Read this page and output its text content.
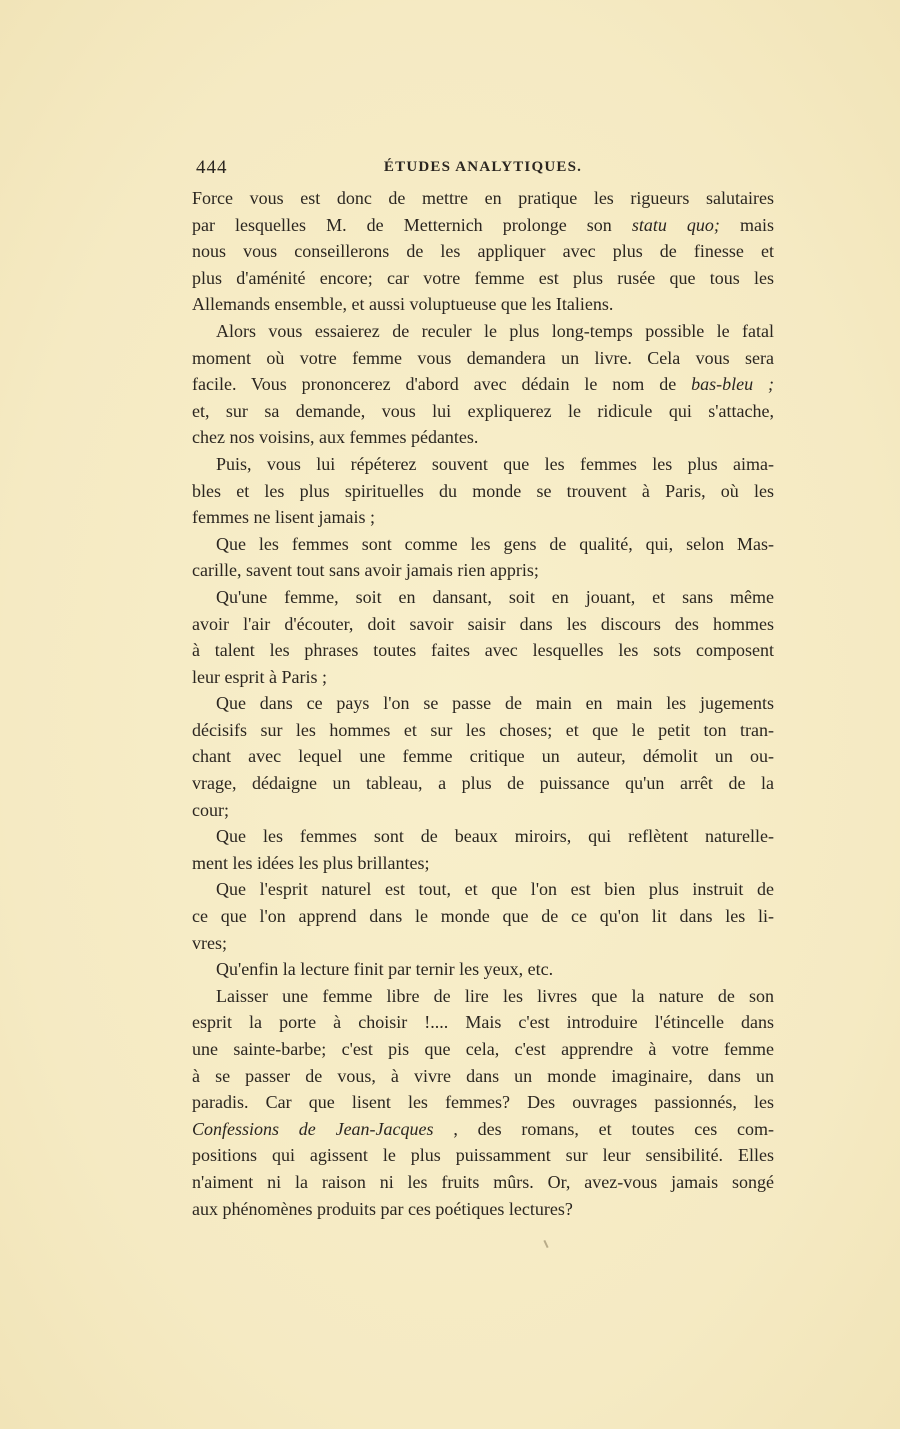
444	ÉTUDES ANALYTIQUES.
Force vous est donc de mettre en pratique les rigueurs salutaires
par lesquelles M. de Metternich prolonge son statu quo; mais
nous vous conseillerons de les appliquer avec plus de finesse et
plus d'aménité encore; car votre femme est plus rusée que tous les
Allemands ensemble, et aussi voluptueuse que les Italiens.
Alors vous essaierez de reculer le plus long-temps possible le fatal
moment où votre femme vous demandera un livre. Cela vous sera
facile. Vous prononcerez d'abord avec dédain le nom de bas-bleu ;
et, sur sa demande, vous lui expliquerez le ridicule qui s'attache,
chez nos voisins, aux femmes pédantes.
Puis, vous lui répéterez souvent que les femmes les plus aima-
bles et les plus spirituelles du monde se trouvent à Paris, où les
femmes ne lisent jamais ;
Que les femmes sont comme les gens de qualité, qui, selon Mas-
carille, savent tout sans avoir jamais rien appris;
Qu'une femme, soit en dansant, soit en jouant, et sans même
avoir l'air d'écouter, doit savoir saisir dans les discours des hommes
à talent les phrases toutes faites avec lesquelles les sots composent
leur esprit à Paris ;
Que dans ce pays l'on se passe de main en main les jugements
décisifs sur les hommes et sur les choses; et que le petit ton tran-
chant avec lequel une femme critique un auteur, démolit un ou-
vrage, dédaigne un tableau, a plus de puissance qu'un arrêt de la
cour;
Que les femmes sont de beaux miroirs, qui reflètent naturelle-
ment les idées les plus brillantes;
Que l'esprit naturel est tout, et que l'on est bien plus instruit de
ce que l'on apprend dans le monde que de ce qu'on lit dans les li-
vres;
Qu'enfin la lecture finit par ternir les yeux, etc.
Laisser une femme libre de lire les livres que la nature de son
esprit la porte à choisir !.... Mais c'est introduire l'étincelle dans
une sainte-barbe; c'est pis que cela, c'est apprendre à votre femme
à se passer de vous, à vivre dans un monde imaginaire, dans un
paradis. Car que lisent les femmes? Des ouvrages passionnés, les
Confessions de Jean-Jacques , des romans, et toutes ces com-
positions qui agissent le plus puissamment sur leur sensibilité. Elles
n'aiment ni la raison ni les fruits mûrs. Or, avez-vous jamais songé
aux phénomènes produits par ces poétiques lectures?
